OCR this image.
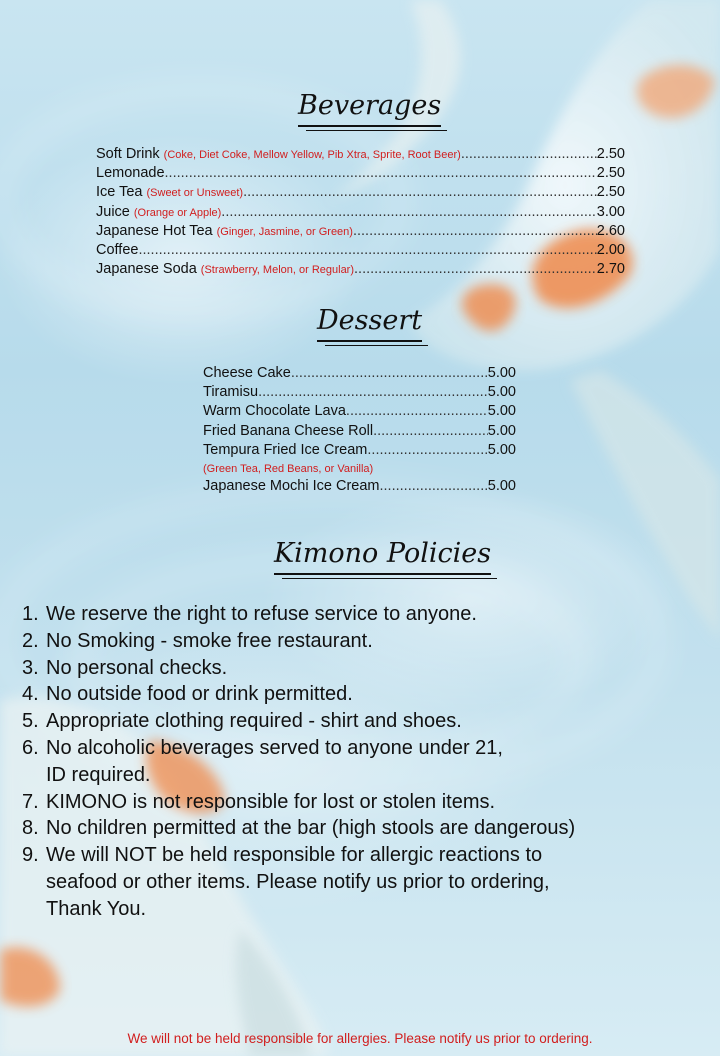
Beverages
Soft Drink (Coke, Diet Coke, Mellow Yellow, Pib Xtra, Sprite, Root Beer) .....	2.50
Lemonade .....	2.50
Ice Tea (Sweet or Unsweet) .....	2.50
Juice (Orange or Apple) .....	3.00
Japanese Hot Tea (Ginger, Jasmine, or Green) .....	2.60
Coffee .....	2.00
Japanese Soda (Strawberry, Melon, or Regular) .....	2.70
Dessert
Cheese Cake .....	5.00
Tiramisu .....	5.00
Warm Chocolate Lava .....	5.00
Fried Banana Cheese Roll .....	5.00
Tempura Fried Ice Cream .....	5.00
(Green Tea, Red Beans, or Vanilla)
Japanese Mochi Ice Cream .....	5.00
Kimono Policies
1. We reserve the right to refuse service to anyone.
2. No Smoking - smoke free restaurant.
3. No personal checks.
4. No outside food or drink permitted.
5. Appropriate clothing required - shirt and shoes.
6. No alcoholic beverages served to anyone under 21,
ID required.
7. KIMONO is not responsible for lost or stolen items.
8. No children permitted at the bar (high stools are dangerous)
9. We will NOT be held responsible for allergic reactions to
seafood or other items. Please notify us prior to ordering,
Thank You.
We will not be held responsible for allergies. Please notify us prior to ordering.
